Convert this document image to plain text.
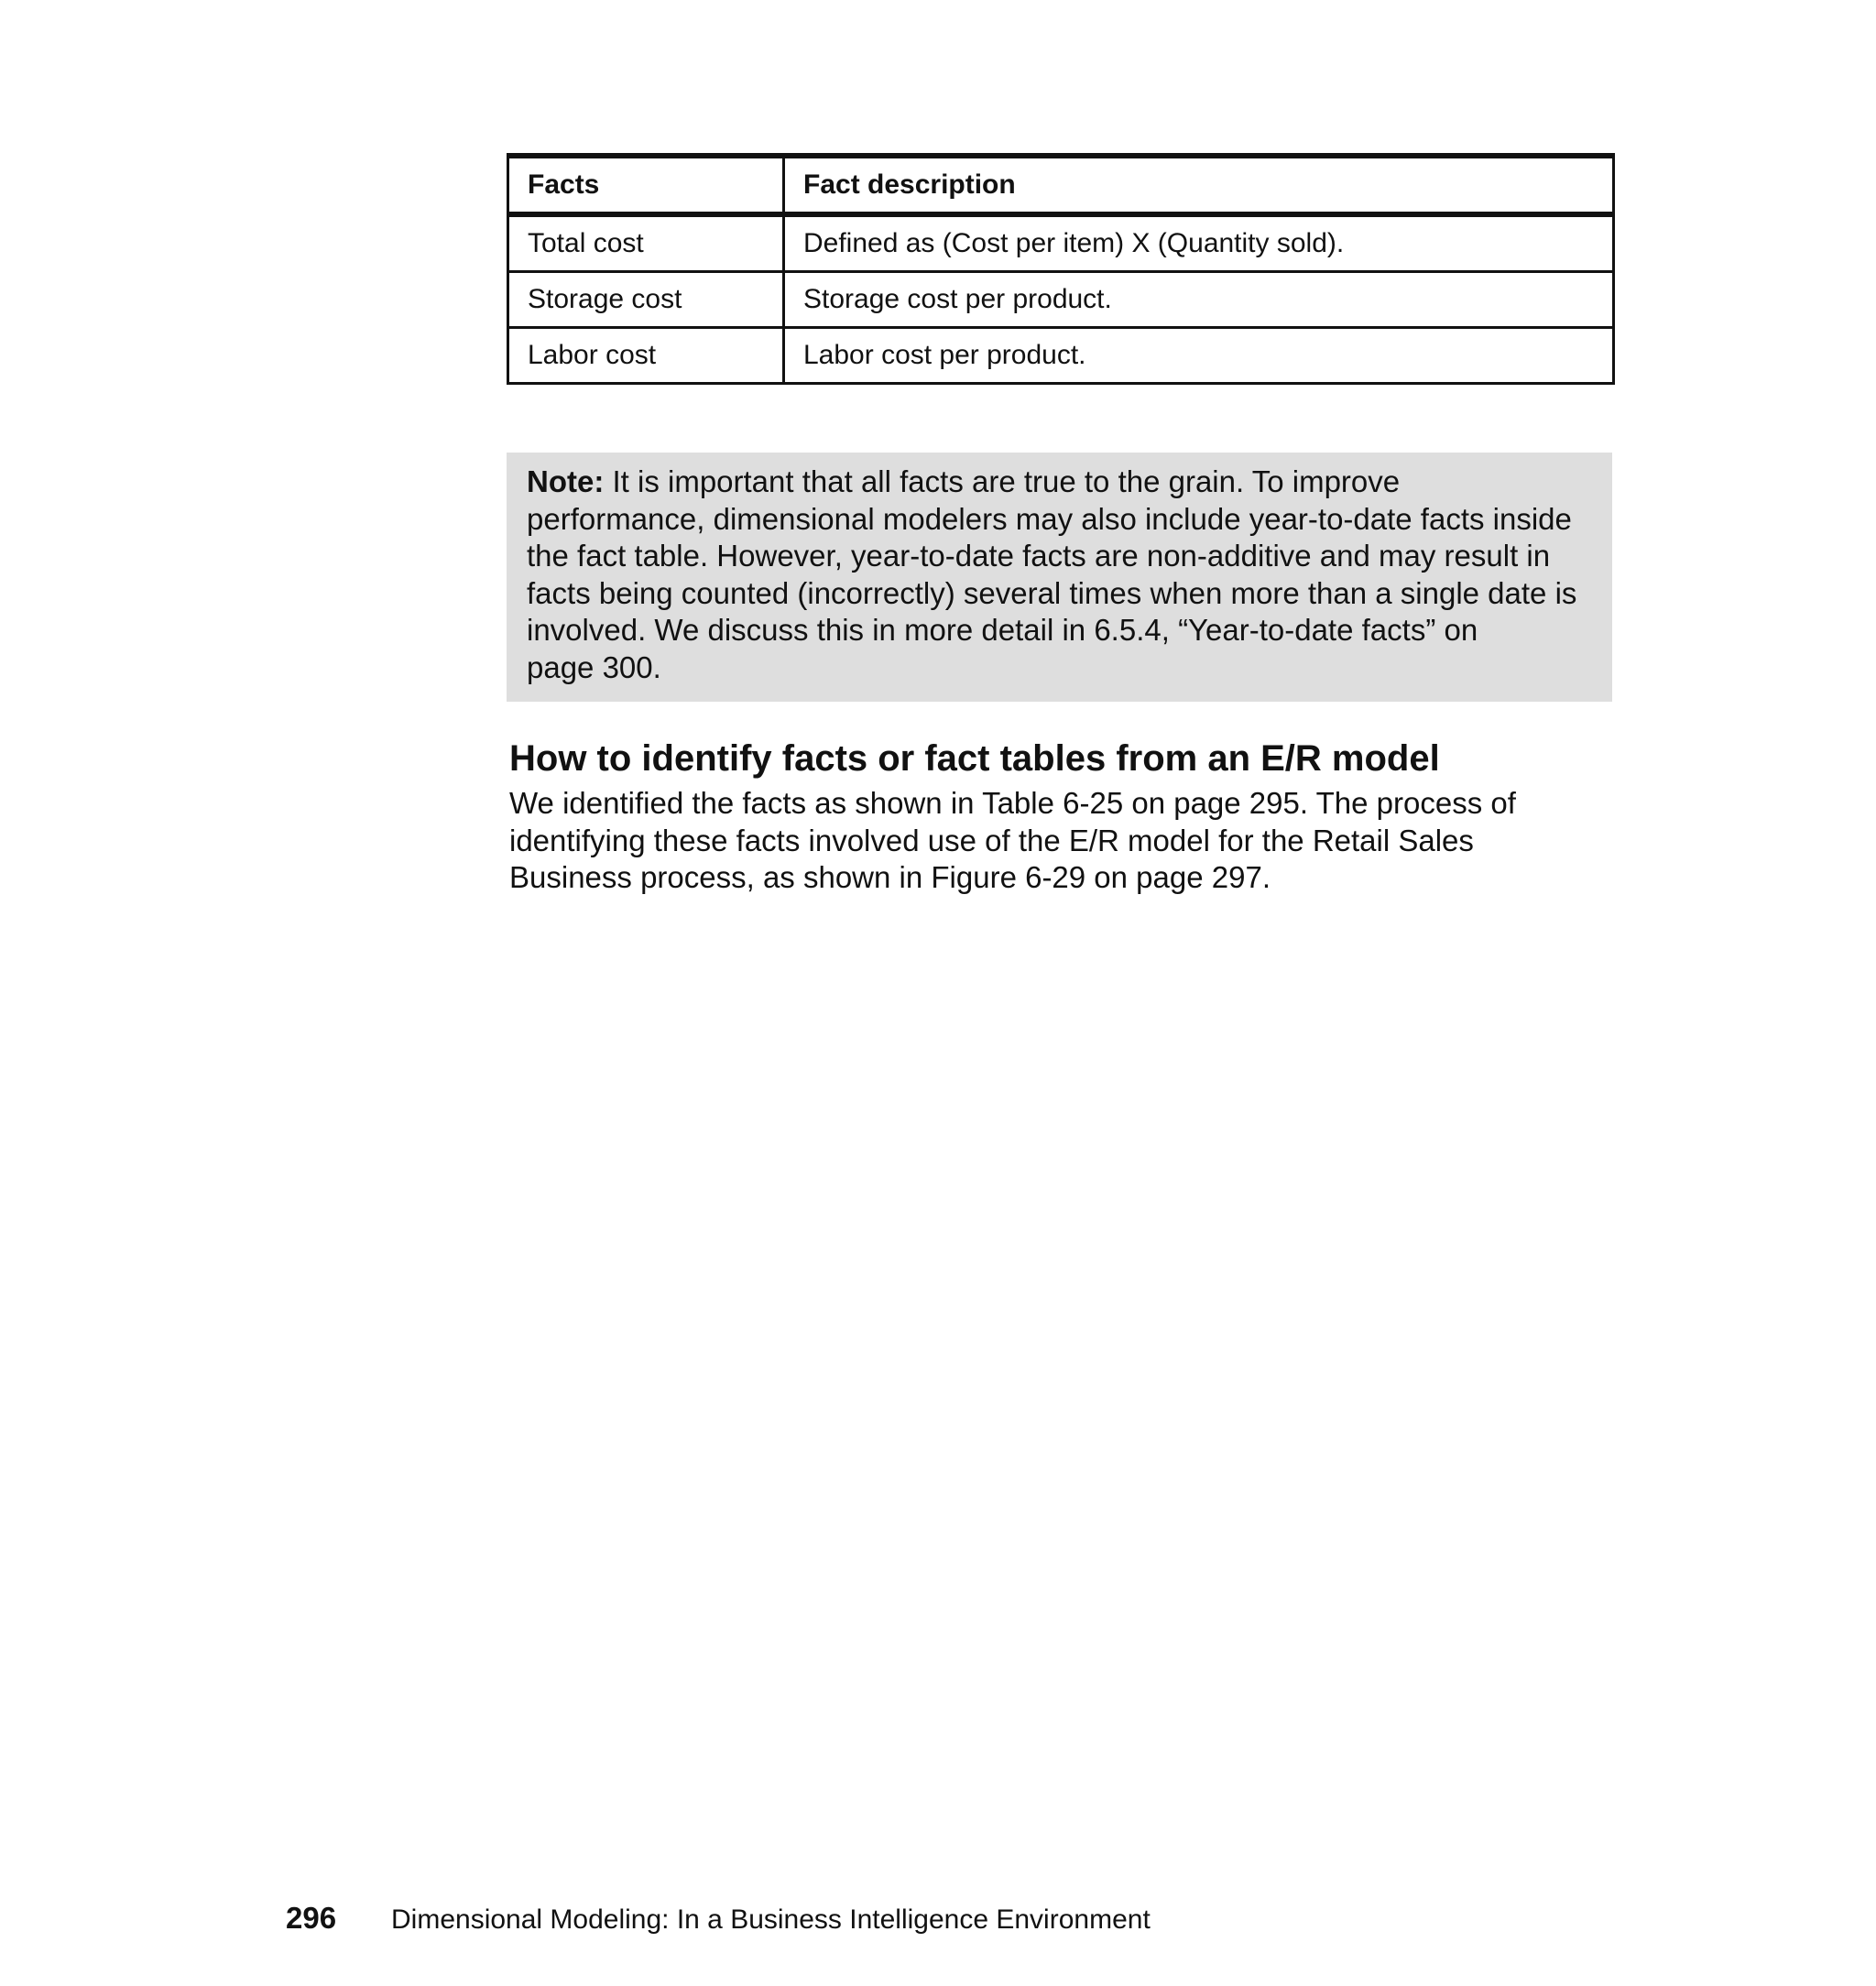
Facts	Fact description
Total cost	Defined as (Cost per item) X (Quantity sold).
Storage cost	Storage cost per product.
Labor cost	Labor cost per product.
Note: It is important that all facts are true to the grain. To improve
performance, dimensional modelers may also include year-to-date facts inside
the fact table. However, year-to-date facts are non-additive and may result in
facts being counted (incorrectly) several times when more than a single date is
involved. We discuss this in more detail in 6.5.4, “Year-to-date facts” on
page 300.
How to identify facts or fact tables from an E/R model
We identified the facts as shown in Table 6-25 on page 295. The process of
identifying these facts involved use of the E/R model for the Retail Sales
Business process, as shown in Figure 6-29 on page 297.
296 Dimensional Modeling: In a Business Intelligence Environment
